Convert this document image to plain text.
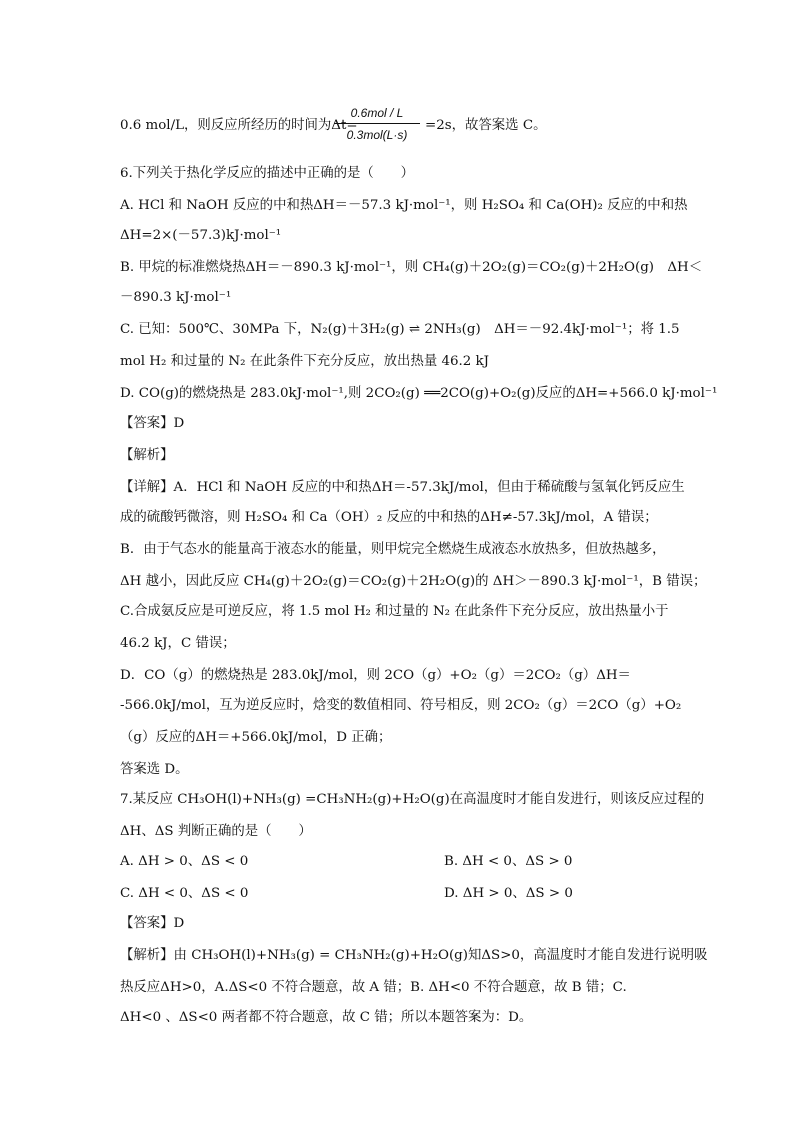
0.6 mol/L，则反应所经历的时间为Δt=
0.6mol / L
0.3mol(L·s)
=2s，故答案选 C。
6.下列关于热化学反应的描述中正确的是（　　）
A. HCl 和 NaOH 反应的中和热ΔH＝－57.3 kJ·mol⁻¹，则 H₂SO₄ 和 Ca(OH)₂ 反应的中和热
ΔH=2×(－57.3)kJ·mol⁻¹
B. 甲烷的标准燃烧热ΔH＝－890.3 kJ·mol⁻¹，则 CH₄(g)＋2O₂(g)＝CO₂(g)＋2H₂O(g)　ΔH＜
－890.3 kJ·mol⁻¹
C. 已知：500℃、30MPa 下，N₂(g)＋3H₂(g) ⇌ 2NH₃(g)　ΔH＝－92.4kJ·mol⁻¹；将 1.5
mol H₂ 和过量的 N₂ 在此条件下充分反应，放出热量 46.2 kJ
D. CO(g)的燃烧热是 283.0kJ·mol⁻¹,则 2CO₂(g) ══2CO(g)+O₂(g)反应的ΔH=+566.0 kJ·mol⁻¹
【答案】D
【解析】
【详解】A．HCl 和 NaOH 反应的中和热ΔH＝-57.3kJ/mol，但由于稀硫酸与氢氧化钙反应生
成的硫酸钙微溶，则 H₂SO₄ 和 Ca（OH）₂ 反应的中和热的ΔH≠-57.3kJ/mol，A 错误；
B．由于气态水的能量高于液态水的能量，则甲烷完全燃烧生成液态水放热多，但放热越多，
ΔH 越小，因此反应 CH₄(g)＋2O₂(g)＝CO₂(g)＋2H₂O(g)的 ΔH＞－890.3 kJ·mol⁻¹，B 错误；
C.合成氨反应是可逆反应，将 1.5 mol H₂ 和过量的 N₂ 在此条件下充分反应，放出热量小于
46.2 kJ，C 错误；
D．CO（g）的燃烧热是 283.0kJ/mol，则 2CO（g）+O₂（g）＝2CO₂（g）ΔH＝
-566.0kJ/mol，互为逆反应时，焓变的数值相同、符号相反，则 2CO₂（g）＝2CO（g）+O₂
（g）反应的ΔH＝+566.0kJ/mol，D 正确；
答案选 D。
7.某反应 CH₃OH(l)+NH₃(g) =CH₃NH₂(g)+H₂O(g)在高温度时才能自发进行，则该反应过程的
ΔH、ΔS 判断正确的是（　　）
A. ΔH > 0、ΔS < 0	B. ΔH < 0、ΔS > 0
C. ΔH < 0、ΔS < 0	D. ΔH > 0、ΔS > 0
【答案】D
【解析】由 CH₃OH(l)+NH₃(g) = CH₃NH₂(g)+H₂O(g)知ΔS>0，高温度时才能自发进行说明吸
热反应ΔH>0，A.ΔS<0 不符合题意，故 A 错；B. ΔH<0 不符合题意，故 B 错；C.
ΔH<0 、ΔS<0 两者都不符合题意，故 C 错；所以本题答案为：D。
